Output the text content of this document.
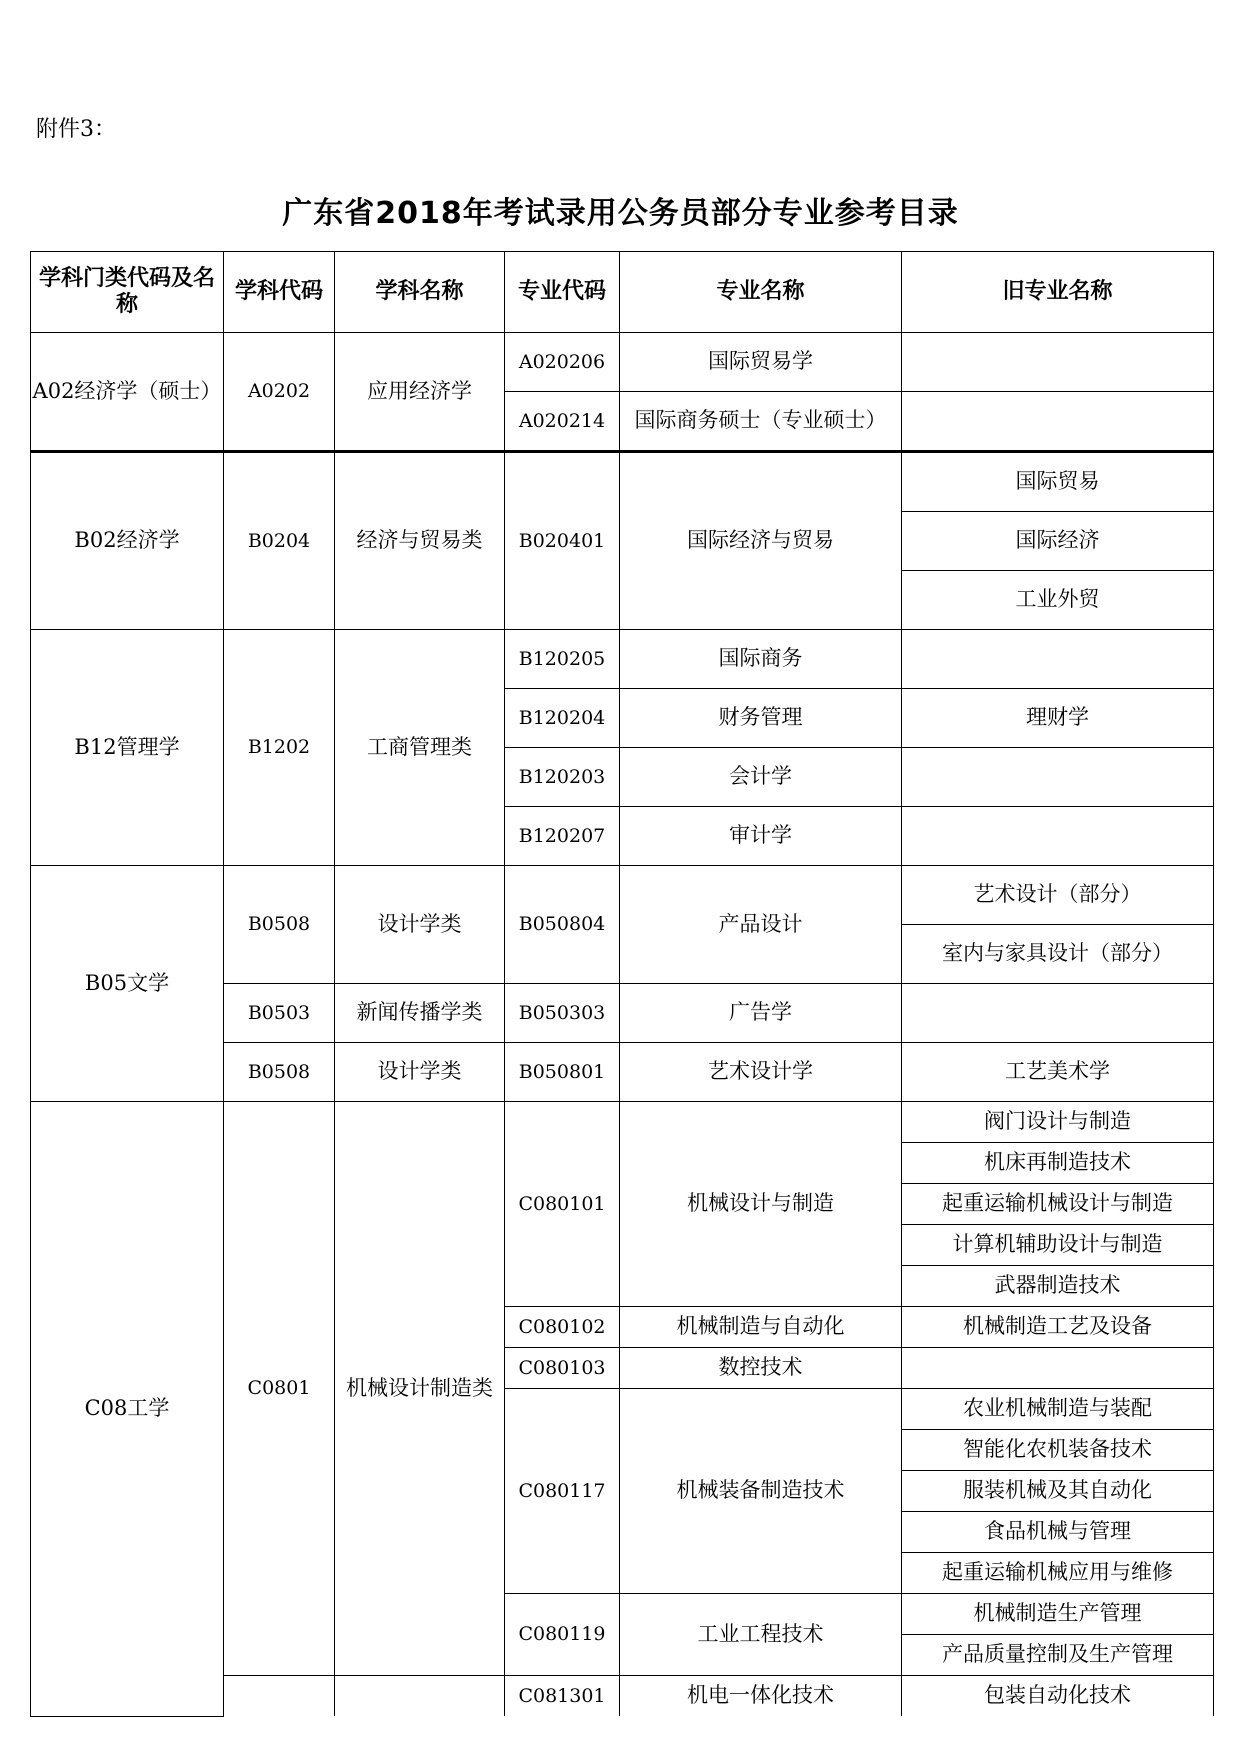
附件3：
广东省2018年考试录用公务员部分专业参考目录
学科门类代码及名称	学科代码	学科名称	专业代码	专业名称	旧专业名称
A02经济学（硕士）	A0202	应用经济学	A020206	国际贸易学	
			A020214	国际商务硕士（专业硕士）	
B02经济学	B0204	经济与贸易类	B020401	国际经济与贸易	国际贸易
					国际经济
					工业外贸
B12管理学	B1202	工商管理类	B120205	国际商务	
			B120204	财务管理	理财学
			B120203	会计学	
			B120207	审计学	
B05文学	B0508	设计学类	B050804	产品设计	艺术设计（部分）
					室内与家具设计（部分）
	B0503	新闻传播学类	B050303	广告学	
	B0508	设计学类	B050801	艺术设计学	工艺美术学
C08工学	C0801	机械设计制造类	C080101	机械设计与制造	阀门设计与制造
					机床再制造技术
					起重运输机械设计与制造
					计算机辅助设计与制造
					武器制造技术
			C080102	机械制造与自动化	机械制造工艺及设备
			C080103	数控技术	
			C080117	机械装备制造技术	农业机械制造与装配
					智能化农机装备技术
					服装机械及其自动化
					食品机械与管理
					起重运输机械应用与维修
			C080119	工业工程技术	机械制造生产管理
					产品质量控制及生产管理
			C081301	机电一体化技术	包装自动化技术
